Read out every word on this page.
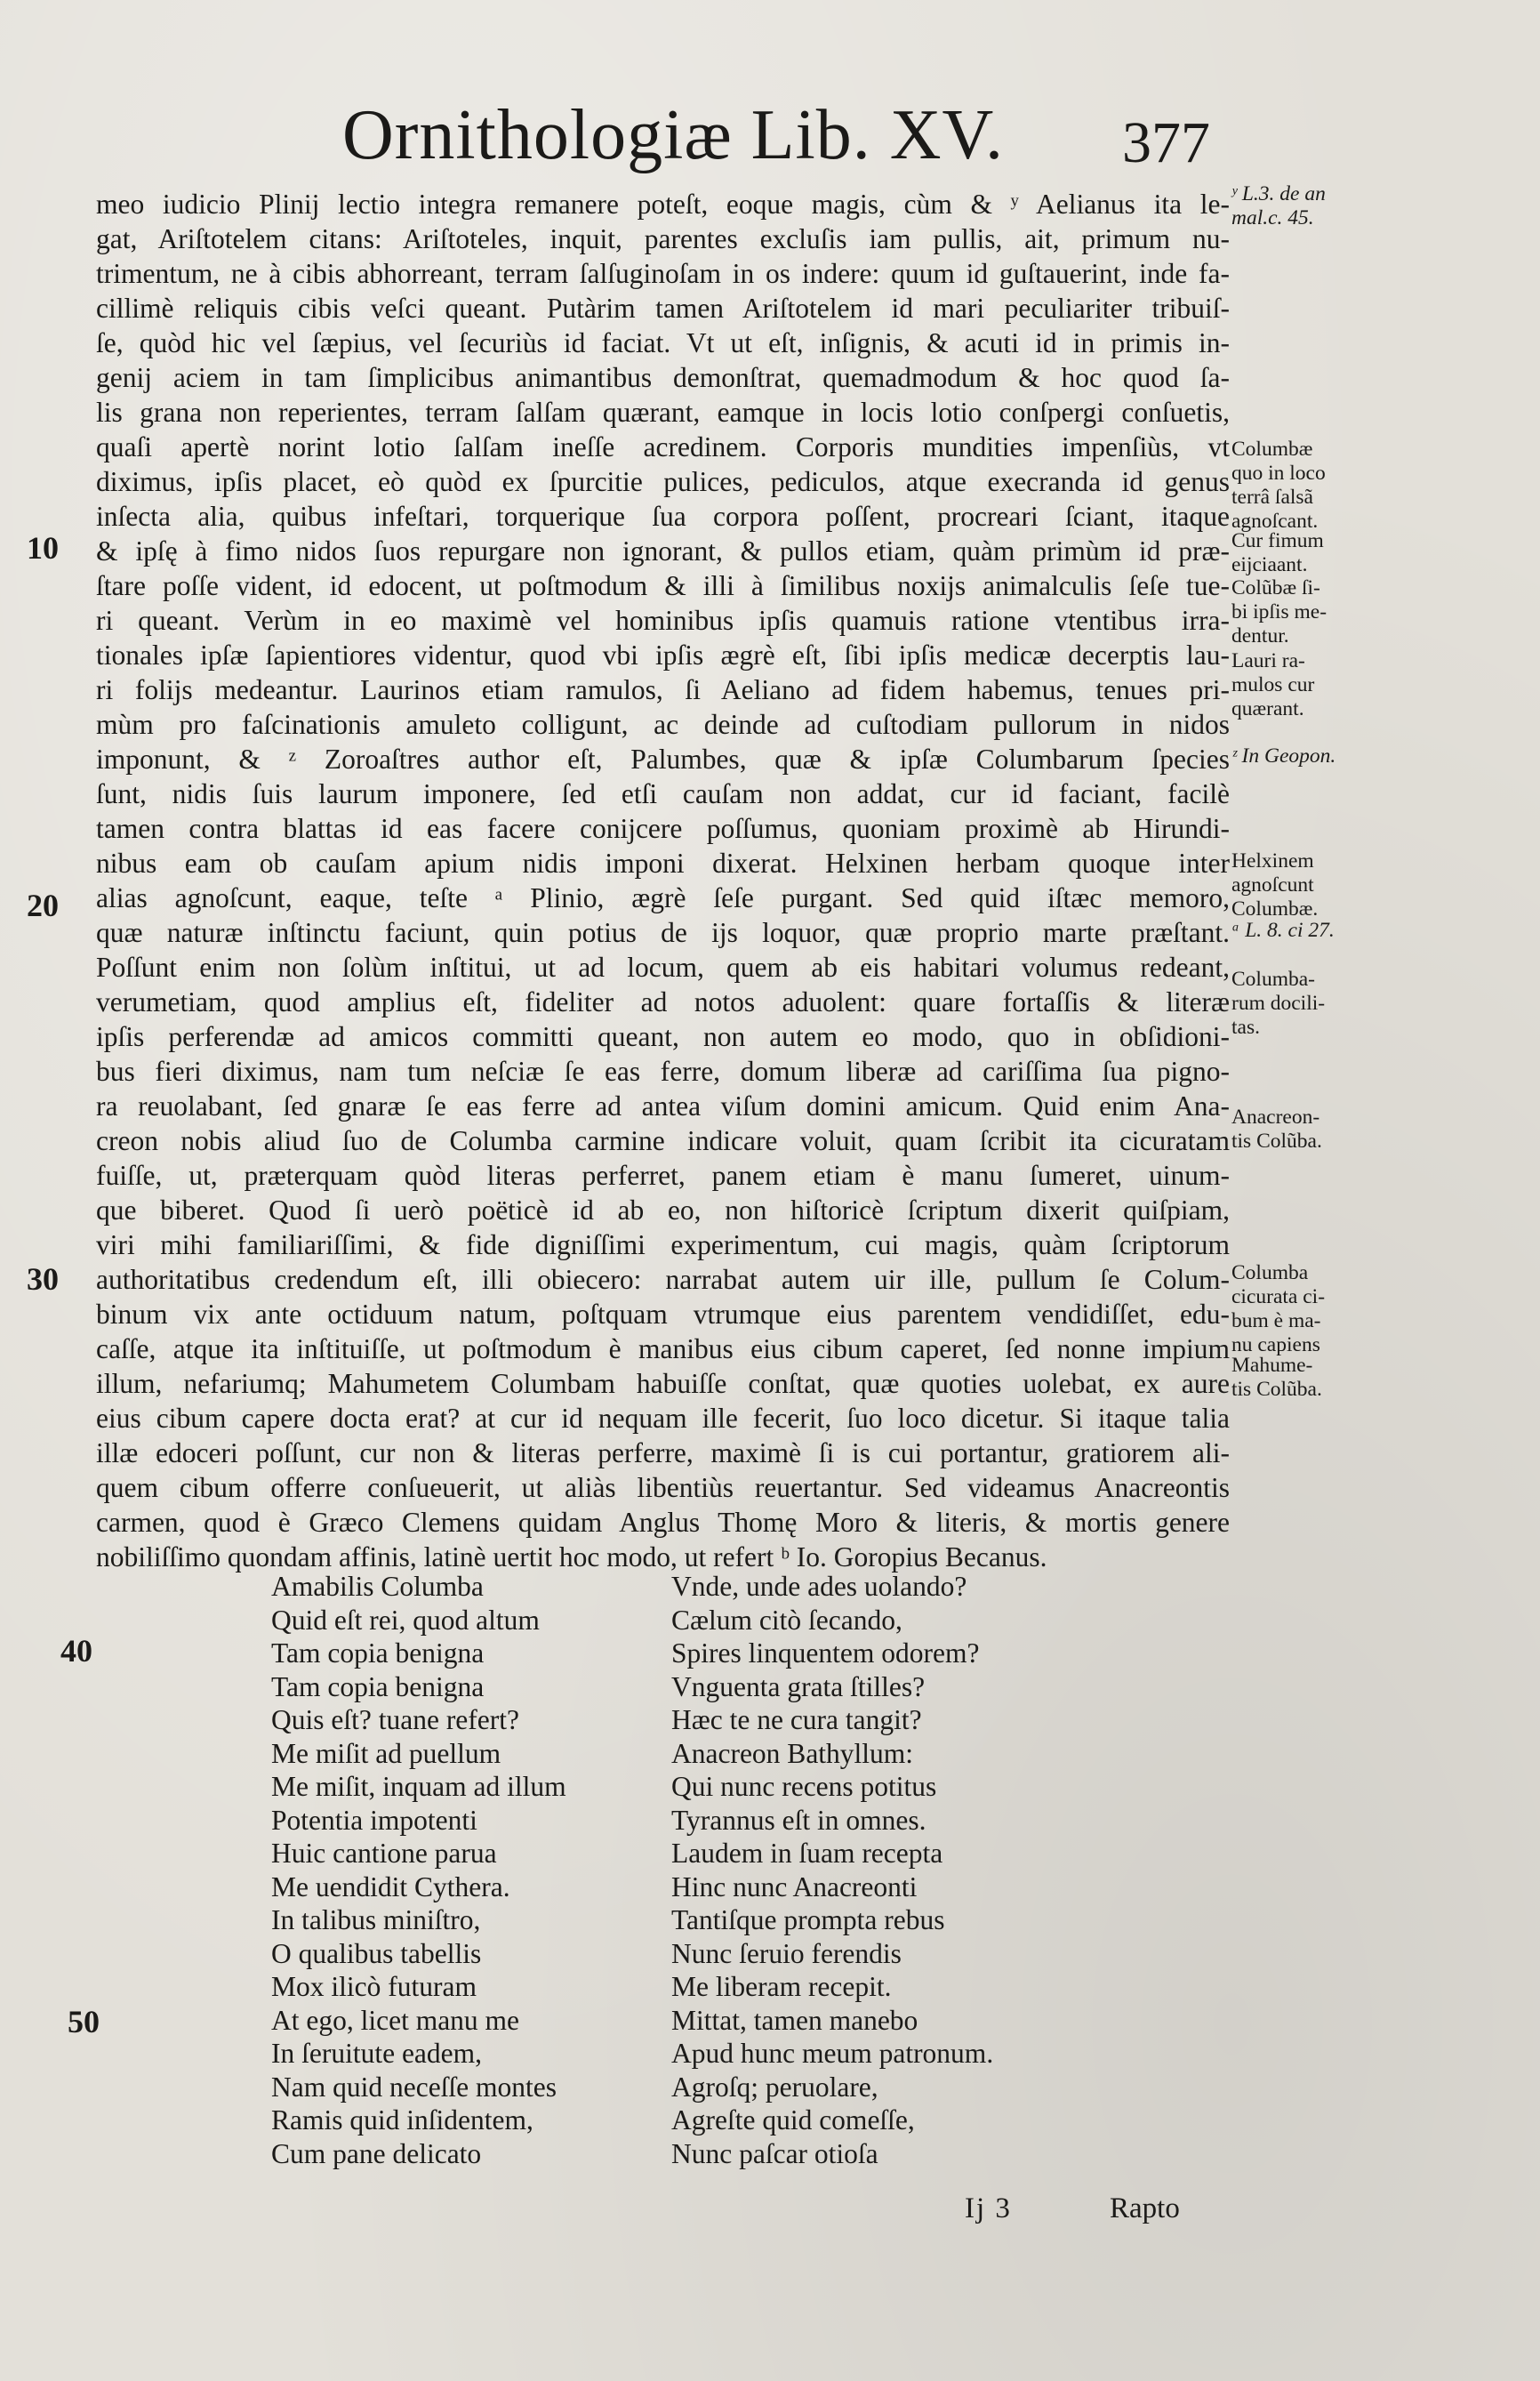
Ornithologiæ Lib. XV. 377
meo iudicio Plinij lectio integra remanere poteſt, eoque magis, cùm & ʸ Aelianus ita le-
gat, Ariſtotelem citans: Ariſtoteles, inquit, parentes excluſis iam pullis, ait, primum nu-
trimentum, ne à cibis abhorreant, terram ſalſuginoſam in os indere: quum id guſtauerint, inde fa-
cillimè reliquis cibis veſci queant. Putàrim tamen Ariſtotelem id mari peculiariter tribuiſ-
ſe, quòd hic vel ſæpius, vel ſecuriùs id faciat. Vt ut eſt, inſignis, & acuti id in primis in-
genij aciem in tam ſimplicibus animantibus demonſtrat, quemadmodum & hoc quod ſa-
lis grana non reperientes, terram ſalſam quærant, eamque in locis lotio conſpergi conſuetis,
quaſi apertè norint lotio ſalſam ineſſe acredinem. Corporis mundities impenſiùs, vt
diximus, ipſis placet, eò quòd ex ſpurcitie pulices, pediculos, atque execranda id genus
inſecta alia, quibus infeſtari, torquerique ſua corpora poſſent, procreari ſciant, itaque
& ipſę à fimo nidos ſuos repurgare non ignorant, & pullos etiam, quàm primùm id præ-
ſtare poſſe vident, id edocent, ut poſtmodum & illi à ſimilibus noxijs animalculis ſeſe tue-
ri queant. Verùm in eo maximè vel hominibus ipſis quamuis ratione vtentibus irra-
tionales ipſæ ſapientiores videntur, quod vbi ipſis ægrè eſt, ſibi ipſis medicæ decerptis lau-
ri folijs medeantur. Laurinos etiam ramulos, ſi Aeliano ad fidem habemus, tenues pri-
mùm pro faſcinationis amuleto colligunt, ac deinde ad cuſtodiam pullorum in nidos
imponunt, & ᶻ Zoroaſtres author eſt, Palumbes, quæ & ipſæ Columbarum ſpecies
ſunt, nidis ſuis laurum imponere, ſed etſi cauſam non addat, cur id faciant, facilè
tamen contra blattas id eas facere conijcere poſſumus, quoniam proximè ab Hirundi-
nibus eam ob cauſam apium nidis imponi dixerat. Helxinen herbam quoque inter
alias agnoſcunt, eaque, teſte ᵃ Plinio, ægrè ſeſe purgant. Sed quid iſtæc memoro,
quæ naturæ inſtinctu faciunt, quin potius de ijs loquor, quæ proprio marte præſtant.
Poſſunt enim non ſolùm inſtitui, ut ad locum, quem ab eis habitari volumus redeant,
verumetiam, quod amplius eſt, fideliter ad notos aduolent: quare fortaſſis & literæ
ipſis perferendæ ad amicos committi queant, non autem eo modo, quo in obſidioni-
bus fieri diximus, nam tum neſciæ ſe eas ferre, domum liberæ ad cariſſima ſua pigno-
ra reuolabant, ſed gnaræ ſe eas ferre ad antea viſum domini amicum. Quid enim Ana-
creon nobis aliud ſuo de Columba carmine indicare voluit, quam ſcribit ita cicuratam
fuiſſe, ut, præterquam quòd literas perferret, panem etiam è manu ſumeret, uinum-
que biberet. Quod ſi uerò poëticè id ab eo, non hiſtoricè ſcriptum dixerit quiſpiam,
viri mihi familiariſſimi, & fide digniſſimi experimentum, cui magis, quàm ſcriptorum
authoritatibus credendum eſt, illi obiecero: narrabat autem uir ille, pullum ſe Colum-
binum vix ante octiduum natum, poſtquam vtrumque eius parentem vendidiſſet, edu-
caſſe, atque ita inſtituiſſe, ut poſtmodum è manibus eius cibum caperet, ſed nonne impium
illum, nefariumq; Mahumetem Columbam habuiſſe conſtat, quæ quoties uolebat, ex aure
eius cibum capere docta erat? at cur id nequam ille fecerit, ſuo loco dicetur. Si itaque talia
illæ edoceri poſſunt, cur non & literas perferre, maximè ſi is cui portantur, gratiorem ali-
quem cibum offerre conſueuerit, ut aliàs libentiùs reuertantur. Sed videamus Anacreontis
carmen, quod è Græco Clemens quidam Anglus Thomę Moro & literis, & mortis genere
nobiliſſimo quondam affinis, latinè uertit hoc modo, ut refert ᵇ Io. Goropius Becanus.
ʸ L.3. de an
mal.c. 45.
Columbæ
quo in loco
terrâ ſalsã
agnoſcant.
Cur fimum
eijciaant.
Colũbæ ſi-
bi ipſis me-
dentur.
Lauri ra-
mulos cur
quærant.
ᶻ In Geopon.
Helxinem
agnoſcunt
Columbæ.
ᵃ L. 8. ci 27.
Columba-
rum docili-
tas.
Anacreon-
tis Colũba.
Columba
cicurata ci-
bum è ma-
nu capiens
Mahume-
tis Colũba.
10
20
30
40
50
Amabilis Columba
Quid eſt rei, quod altum
Tam copia benigna
Tam copia benigna
Quis eſt? tuane refert?
Me miſit ad puellum
Me miſit, inquam ad illum
Potentia impotenti
Huic cantione parua
Me uendidit Cythera.
In talibus miniſtro,
O qualibus tabellis
Mox ilicò futuram
At ego, licet manu me
In ſeruitute eadem,
Nam quid neceſſe montes
Ramis quid inſidentem,
Cum pane delicato
Vnde, unde ades uolando?
Cælum citò ſecando,
Spires linquentem odorem?
Vnguenta grata ſtilles?
Hæc te ne cura tangit?
Anacreon Bathyllum:
Qui nunc recens potitus
Tyrannus eſt in omnes.
Laudem in ſuam recepta
Hinc nunc Anacreonti
Tantiſque prompta rebus
Nunc ſeruio ferendis
Me liberam recepit.
Mittat, tamen manebo
Apud hunc meum patronum.
Agroſq; peruolare,
Agreſte quid comeſſe,
Nunc paſcar otioſa
Ij 3	Rapto
